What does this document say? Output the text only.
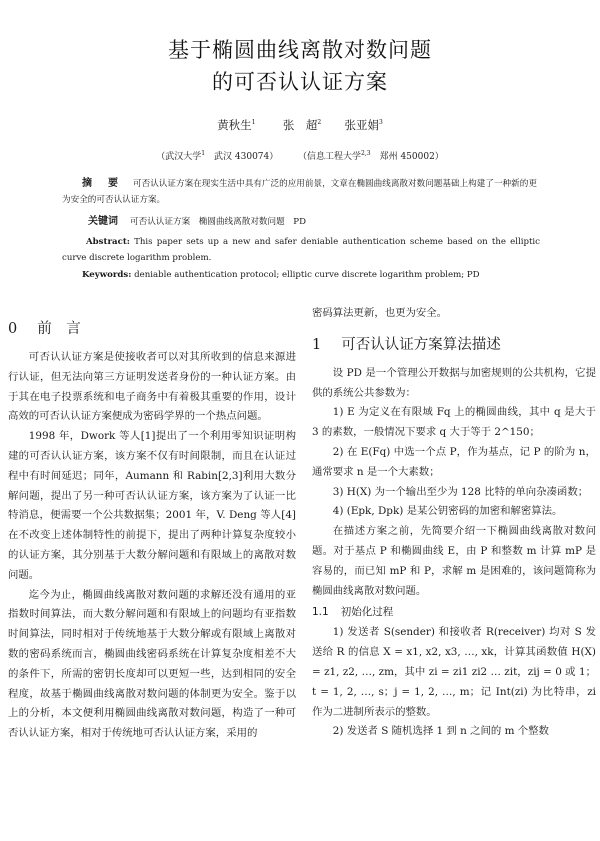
基于椭圆曲线离散对数问题
的可否认认证方案
黄秋生$^1$ 张　超$^2$ 张亚娟$^3$
（武汉大学$^1$　武汉 430074） （信息工程大学$^{2,3}$　郑州 450002）
摘　要 可否认认证方案在现实生活中具有广泛的应用前景，文章在椭圆曲线离散对数问题基础上构建了一种新的更为安全的可否认认证方案。
关键词 可否认认证方案　椭圆曲线离散对数问题　PD
Abstract: This paper sets up a new and safer deniable authentication scheme based on the elliptic curve discrete logarithm problem.
Keywords: deniable authentication protocol; elliptic curve discrete logarithm problem; PD
0 前　言

可否认认证方案是使接收者可以对其所收到的信息来源进行认证，但无法向第三方证明发送者身份的一种认证方案。由于其在电子投票系统和电子商务中有着极其重要的作用，设计高效的可否认认证方案便成为密码学界的一个热点问题。

1998 年，Dwork 等人[1]提出了一个利用零知识证明构建的可否认认证方案，该方案不仅有时间限制，而且在认证过程中有时间延迟；同年，Aumann 和 Rabin[2,3]利用大数分解问题，提出了另一种可否认认证方案，该方案为了认证一比特消息，便需要一个公共数据集；2001 年，V. Deng 等人[4]在不改变上述体制特性的前提下，提出了两种计算复杂度较小的认证方案，其分别基于大数分解问题和有限域上的离散对数问题。

迄今为止，椭圆曲线离散对数问题的求解还没有通用的亚指数时间算法，而大数分解问题和有限域上的问题均有亚指数时间算法，同时相对于传统地基于大数分解或有限域上离散对数的密码系统而言，椭圆曲线密码系统在计算复杂度相差不大的条件下，所需的密钥长度却可以更短一些，达到相同的安全程度，故基于椭圆曲线离散对数问题的体制更为安全。鉴于以上的分析，本文便利用椭圆曲线离散对数问题，构造了一种可否认认证方案，相对于传统地可否认认证方案，采用的

密码算法更新，也更为安全。

1 可否认认证方案算法描述

设 PD 是一个管理公开数据与加密规则的公共机构，它提供的系统公共参数为：

1) E 为定义在有限域 Fq 上的椭圆曲线，其中 q 是大于 3 的素数，一般情况下要求 q 大于等于 2^150；

2) 在 E(Fq) 中选一个点 P，作为基点，记 P 的阶为 n，通常要求 n 是一个大素数；

3) H(X) 为一个输出至少为 128 比特的单向杂凑函数；

4) (Epk, Dpk) 是某公钥密码的加密和解密算法。

在描述方案之前，先简要介绍一下椭圆曲线离散对数问题。对于基点 P 和椭圆曲线 E，由 P 和整数 m 计算 mP 是容易的，而已知 mP 和 P，求解 m 是困难的，该问题简称为椭圆曲线离散对数问题。

1.1 初始化过程

1) 发送者 S(sender) 和接收者 R(receiver) 均对 S 发送给 R 的信息 X = x1, x2, x3, …, xk，计算其函数值 H(X) = z1, z2, …, zm，其中 zi = zi1 zi2 … zit，zij = 0 或 1；t = 1, 2, …, s；j = 1, 2, …, m；记 Int(zi) 为比特串，zi 作为二进制所表示的整数。

2) 发送者 S 随机选择 1 到 n 之间的 m 个整数
